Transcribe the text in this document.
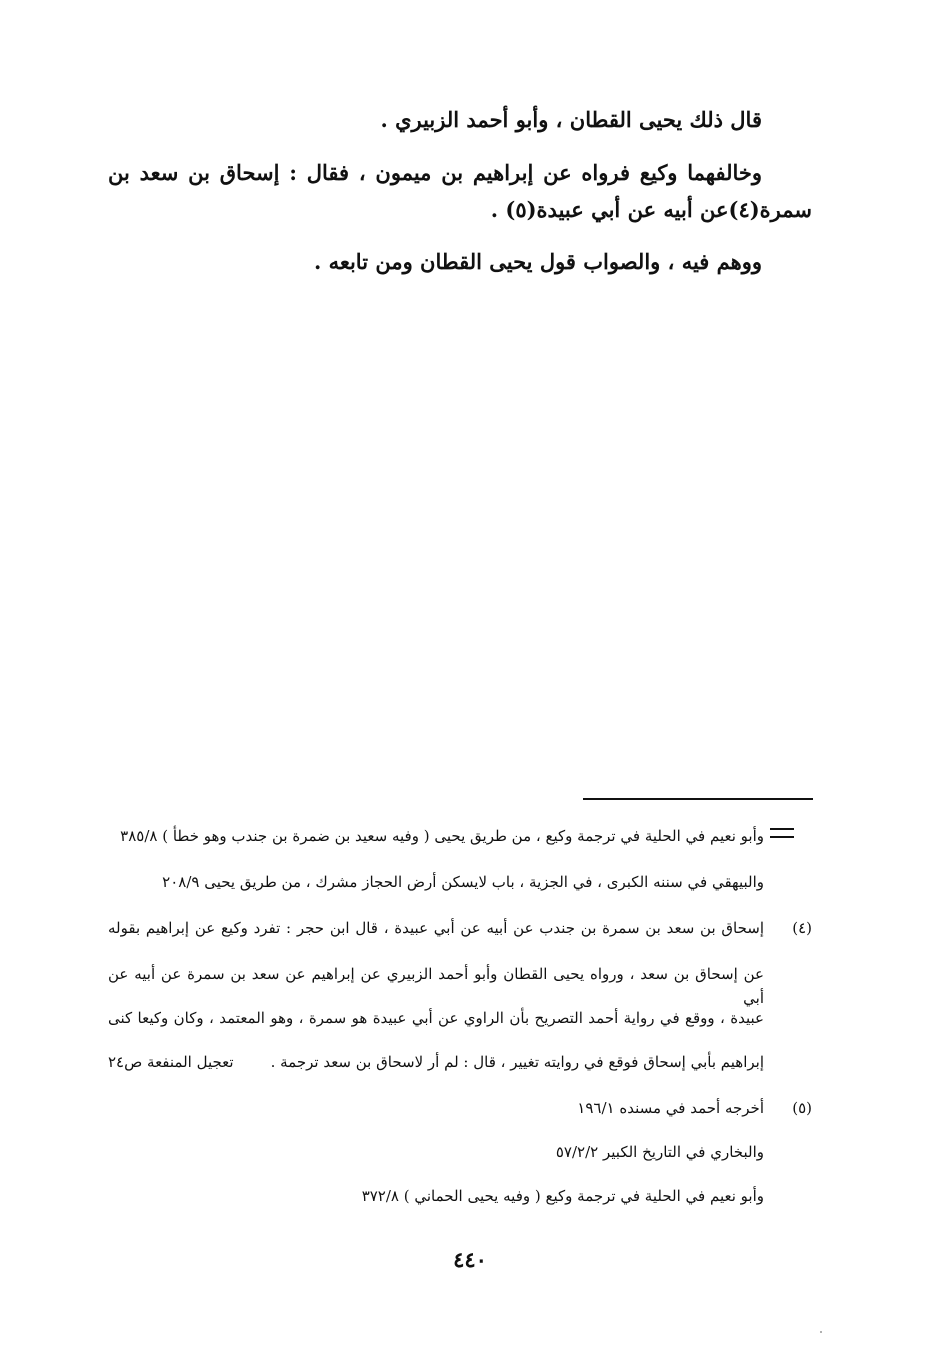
قال ذلك يحيى القطان ، وأبو أحمد الزبيري .
وخالفهما وكيع فرواه عن إبراهيم بن ميمون ، فقال : إسحاق بن سعد بن
سمرة(٤)عن أبيه عن أبي عبيدة(٥) .
ووهم فيه ، والصواب قول يحيى القطان ومن تابعه .
وأبو نعيم في الحلية في ترجمة وكيع ، من طريق يحيى ( وفيه سعيد بن ضمرة بن جندب وهو خطأ ) ٣٨٥/٨
والبيهقي في سننه الكبرى ، في الجزية ، باب لايسكن أرض الحجاز مشرك ، من طريق يحيى ٢٠٨/٩
(٤)
إسحاق بن سعد بن سمرة بن جندب عن أبيه عن أبي عبيدة ، قال ابن حجر : تفرد وكيع عن إبراهيم بقوله
عن إسحاق بن سعد ، ورواه يحيى القطان وأبو أحمد الزبيري عن إبراهيم عن سعد بن سمرة عن أبيه عن أبي
عبيدة ، ووقع في رواية أحمد التصريح بأن الراوي عن أبي عبيدة هو سمرة ، وهو المعتمد ، وكان وكيعا كنى
إبراهيم بأبي إسحاق فوقع في روايته تغيير ، قال : لم أر لاسحاق بن سعد ترجمة .
تعجيل المنفعة ص٢٤
(٥)
أخرجه أحمد في مسنده ١٩٦/١
والبخاري في التاريخ الكبير ٥٧/٢/٢
وأبو نعيم في الحلية في ترجمة وكيع ( وفيه يحيى الحماني ) ٣٧٢/٨
٤٤٠
